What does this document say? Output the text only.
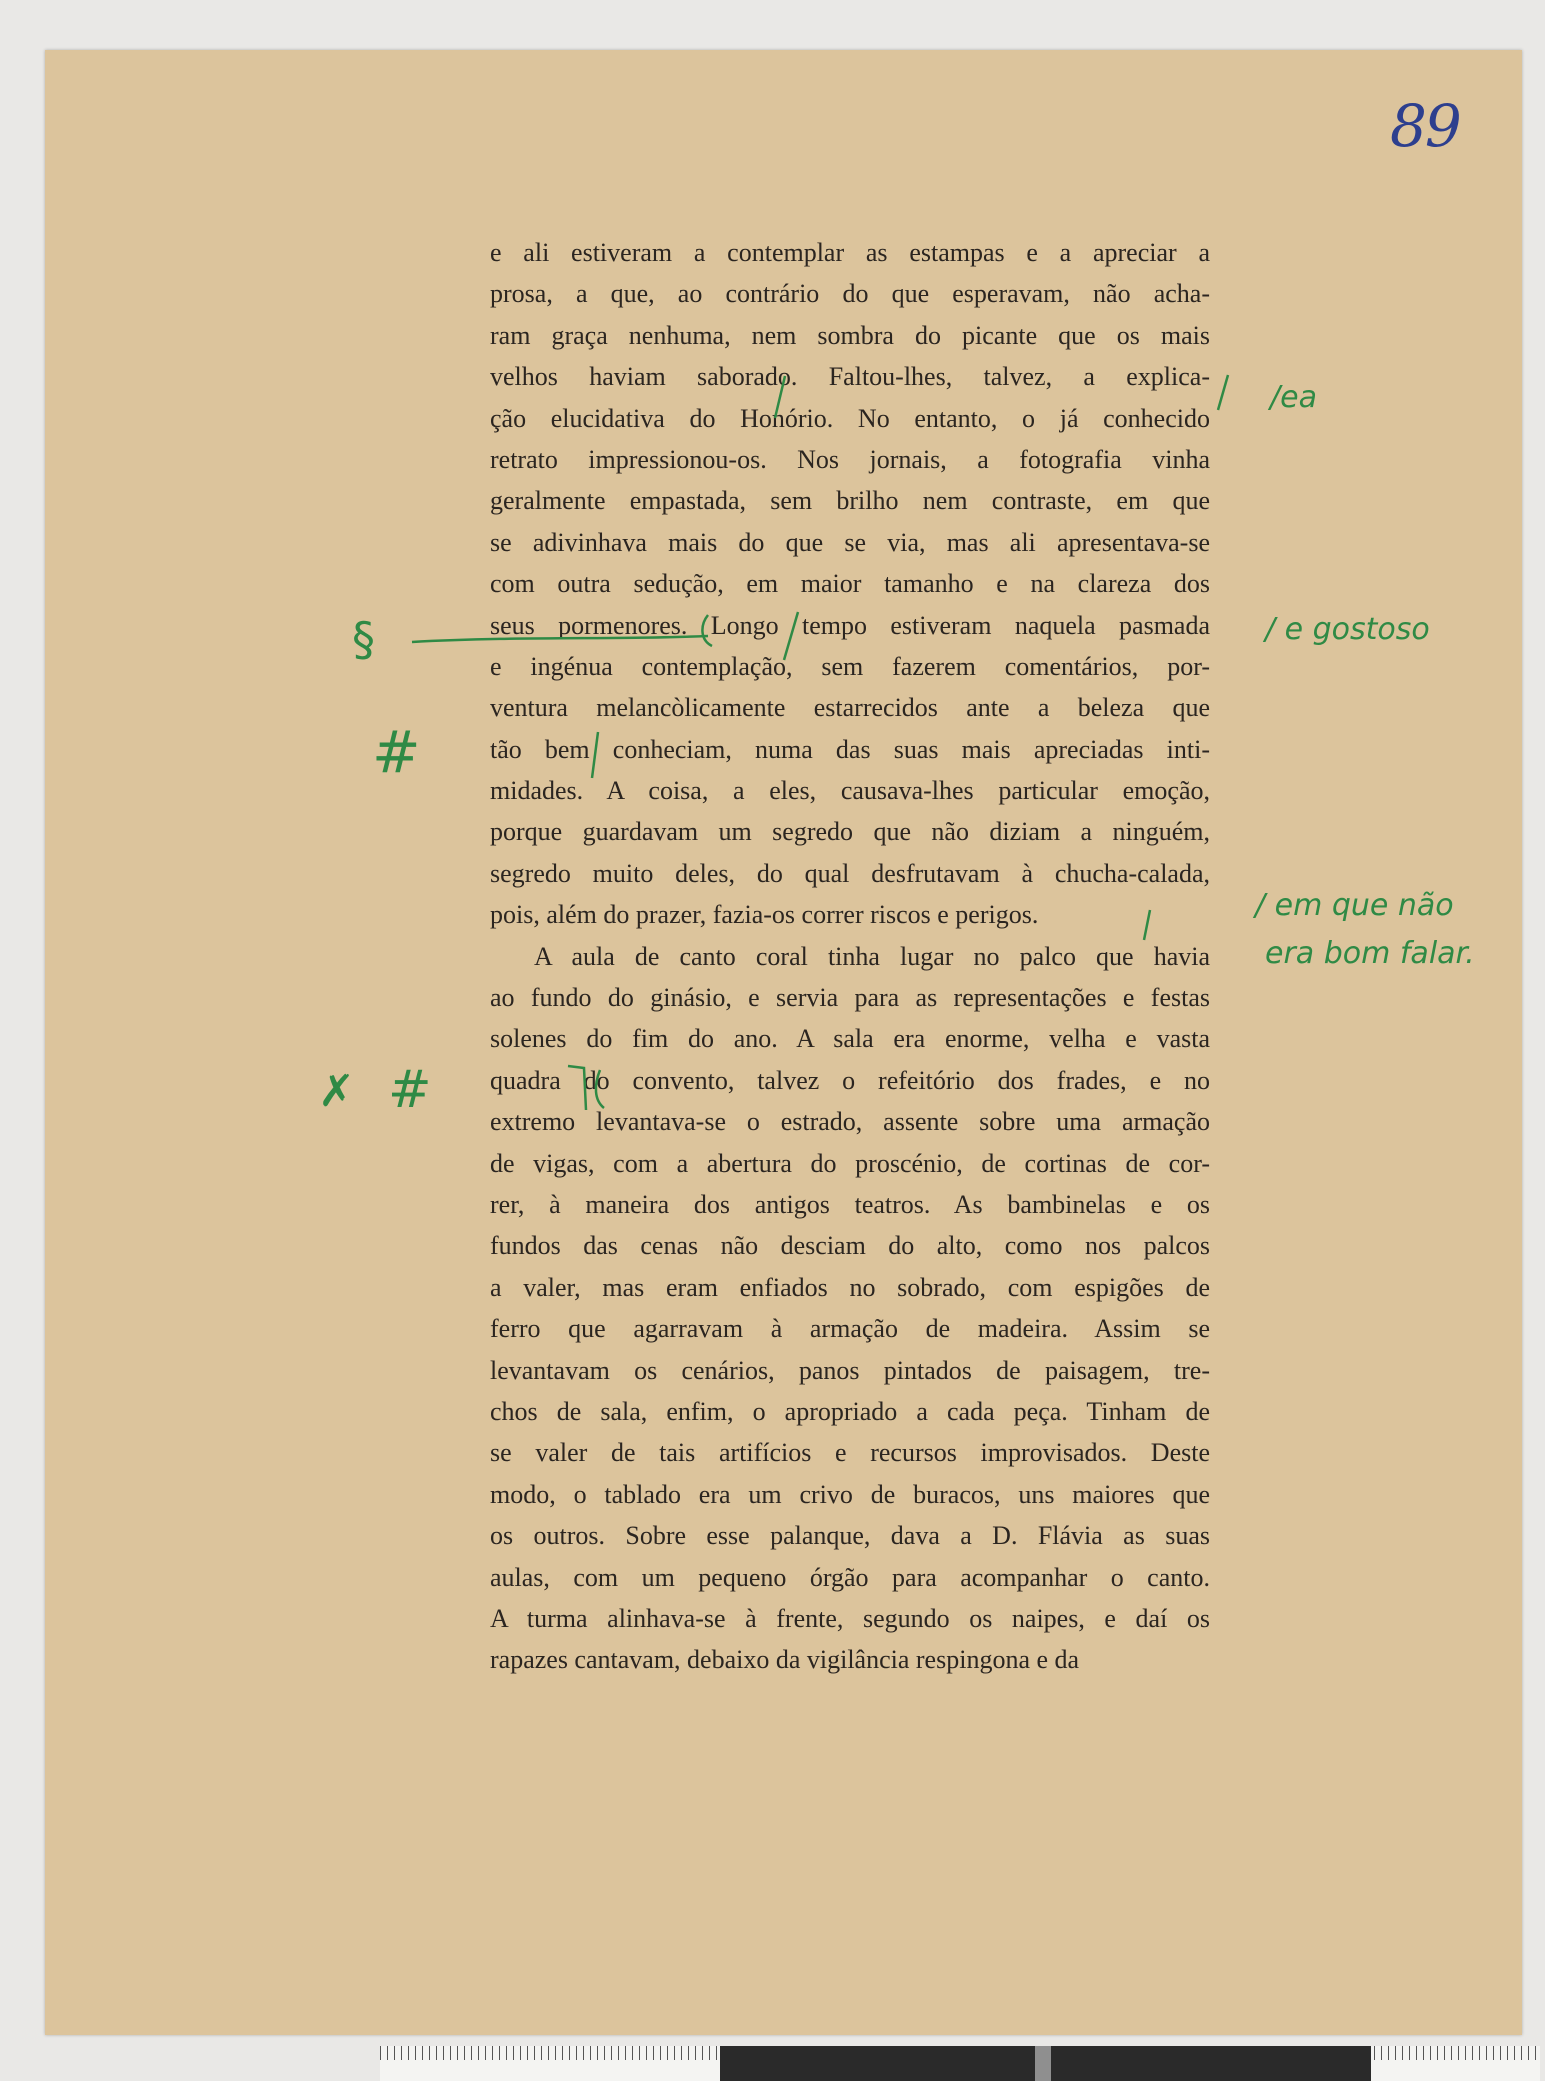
89
e ali estiveram a contemplar as estampas e a apreciar a
prosa, a que, ao contrário do que esperavam, não acha-
ram graça nenhuma, nem sombra do picante que os mais
velhos haviam saborado. Faltou-lhes, talvez, a explica-
ção elucidativa do Honório. No entanto, o já conhecido
retrato impressionou-os. Nos jornais, a fotografia vinha
geralmente empastada, sem brilho nem contraste, em que
se adivinhava mais do que se via, mas ali apresentava-se
com outra sedução, em maior tamanho e na clareza dos
seus pormenores. Longo tempo estiveram naquela pasmada
e ingénua contemplação, sem fazerem comentários, por-
ventura melancòlicamente estarrecidos ante a beleza que
tão bem conheciam, numa das suas mais apreciadas inti-
midades. A coisa, a eles, causava-lhes particular emoção,
porque guardavam um segredo que não diziam a ninguém,
segredo muito deles, do qual desfrutavam à chucha-calada,
pois, além do prazer, fazia-os correr riscos e perigos.
A aula de canto coral tinha lugar no palco que havia
ao fundo do ginásio, e servia para as representações e festas
solenes do fim do ano. A sala era enorme, velha e vasta
quadra do convento, talvez o refeitório dos frades, e no
extremo levantava-se o estrado, assente sobre uma armação
de vigas, com a abertura do proscénio, de cortinas de cor-
rer, à maneira dos antigos teatros. As bambinelas e os
fundos das cenas não desciam do alto, como nos palcos
a valer, mas eram enfiados no sobrado, com espigões de
ferro que agarravam à armação de madeira. Assim se
levantavam os cenários, panos pintados de paisagem, tre-
chos de sala, enfim, o apropriado a cada peça. Tinham de
se valer de tais artifícios e recursos improvisados. Deste
modo, o tablado era um crivo de buracos, uns maiores que
os outros. Sobre esse palanque, dava a D. Flávia as suas
aulas, com um pequeno órgão para acompanhar o canto.
A turma alinhava-se à frente, segundo os naipes, e daí os
rapazes cantavam, debaixo da vigilância respingona e da
§
#
✗ #
/ea
/ e gostoso
/ em que não
era bom falar.
